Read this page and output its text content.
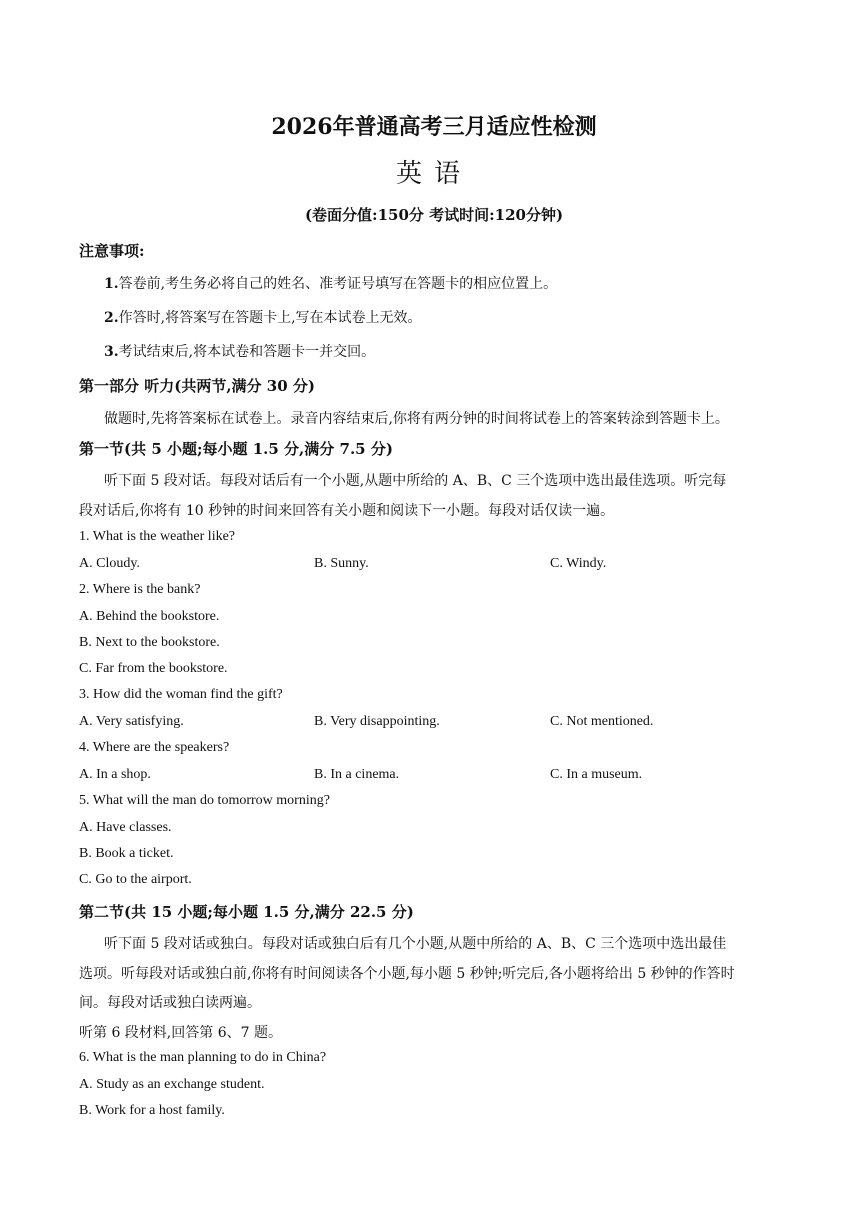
2026年普通高考三月适应性检测
英语
(卷面分值:150分 考试时间:120分钟)
注意事项:
1.答卷前,考生务必将自己的姓名、准考证号填写在答题卡的相应位置上。
2.作答时,将答案写在答题卡上,写在本试卷上无效。
3.考试结束后,将本试卷和答题卡一并交回。
第一部分 听力(共两节,满分 30 分)
做题时,先将答案标在试卷上。录音内容结束后,你将有两分钟的时间将试卷上的答案转涂到答题卡上。
第一节(共 5 小题;每小题 1.5 分,满分 7.5 分)
听下面 5 段对话。每段对话后有一个小题,从题中所给的 A、B、C 三个选项中选出最佳选项。听完每
段对话后,你将有 10 秒钟的时间来回答有关小题和阅读下一小题。每段对话仅读一遍。
1. What is the weather like?
A. Cloudy.	B. Sunny.	C. Windy.
2. Where is the bank?
A. Behind the bookstore.
B. Next to the bookstore.
C. Far from the bookstore.
3. How did the woman find the gift?
A. Very satisfying.	B. Very disappointing.	C. Not mentioned.
4. Where are the speakers?
A. In a shop.	B. In a cinema.	C. In a museum.
5. What will the man do tomorrow morning?
A. Have classes.
B. Book a ticket.
C. Go to the airport.
第二节(共 15 小题;每小题 1.5 分,满分 22.5 分)
听下面 5 段对话或独白。每段对话或独白后有几个小题,从题中所给的 A、B、C 三个选项中选出最佳
选项。听每段对话或独白前,你将有时间阅读各个小题,每小题 5 秒钟;听完后,各小题将给出 5 秒钟的作答时
间。每段对话或独白读两遍。
听第 6 段材料,回答第 6、7 题。
6. What is the man planning to do in China?
A. Study as an exchange student.
B. Work for a host family.
